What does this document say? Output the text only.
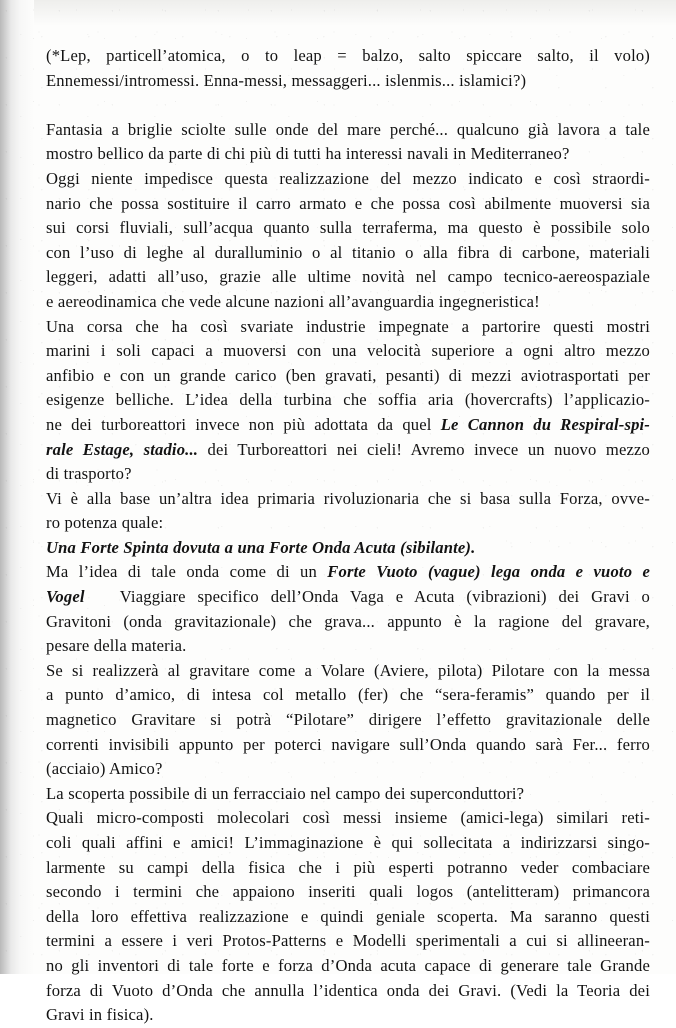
(*Lep, particell’atomica, o to leap = balzo, salto spiccare salto, il volo)
Ennemessi/intromessi. Enna-messi, messaggeri... islenmis... islamici?)

Fantasia a briglie sciolte sulle onde del mare perché... qualcuno già lavora a tale
mostro bellico da parte di chi più di tutti ha interessi navali in Mediterraneo?
Oggi niente impedisce questa realizzazione del mezzo indicato e così straordi-
nario che possa sostituire il carro armato e che possa così abilmente muoversi sia
sui corsi fluviali, sull’acqua quanto sulla terraferma, ma questo è possibile solo
con l’uso di leghe al duralluminio o al titanio o alla fibra di carbone, materiali
leggeri, adatti all’uso, grazie alle ultime novità nel campo tecnico-aereospaziale
e aereodinamica che vede alcune nazioni all’avanguardia ingegneristica!
Una corsa che ha così svariate industrie impegnate a partorire questi mostri
marini i soli capaci a muoversi con una velocità superiore a ogni altro mezzo
anfibio e con un grande carico (ben gravati, pesanti) di mezzi aviotrasportati per
esigenze belliche. L’idea della turbina che soffia aria (hovercrafts) l’applicazio-
ne dei turboreattori invece non più adottata da quel Le Cannon du Respiral-spi-
rale Estage, stadio... dei Turboreattori nei cieli! Avremo invece un nuovo mezzo
di trasporto?
Vi è alla base un’altra idea primaria rivoluzionaria che si basa sulla Forza, ovve-
ro potenza quale:
Una Forte Spinta dovuta a una Forte Onda Acuta (sibilante).
Ma l’idea di tale onda come di un Forte Vuoto (vague) lega onda e vuoto e
Vogel   Viaggiare specifico dell’Onda Vaga e Acuta (vibrazioni) dei Gravi o
Gravitoni (onda gravitazionale) che grava... appunto è la ragione del gravare,
pesare della materia.
Se si realizzerà al gravitare come a Volare (Aviere, pilota) Pilotare con la messa
a punto d’amico, di intesa col metallo (fer) che “sera-feramis” quando per il
magnetico Gravitare si potrà “Pilotare” dirigere l’effetto gravitazionale delle
correnti invisibili appunto per poterci navigare sull’Onda quando sarà Fer... ferro
(acciaio) Amico?
La scoperta possibile di un ferracciaio nel campo dei superconduttori?
Quali micro-composti molecolari così messi insieme (amici-lega) similari reti-
coli quali affini e amici! L’immaginazione è qui sollecitata a indirizzarsi singo-
larmente su campi della fisica che i più esperti potranno veder combaciare
secondo i termini che appaiono inseriti quali logos (antelitteram) primancora
della loro effettiva realizzazione e quindi geniale scoperta. Ma saranno questi
termini a essere i veri Protos-Patterns e Modelli sperimentali a cui si allineeran-
no gli inventori di tale forte e forza d’Onda acuta capace di generare tale Grande
forza di Vuoto d’Onda che annulla l’identica onda dei Gravi. (Vedi la Teoria dei
Gravi in fisica).
